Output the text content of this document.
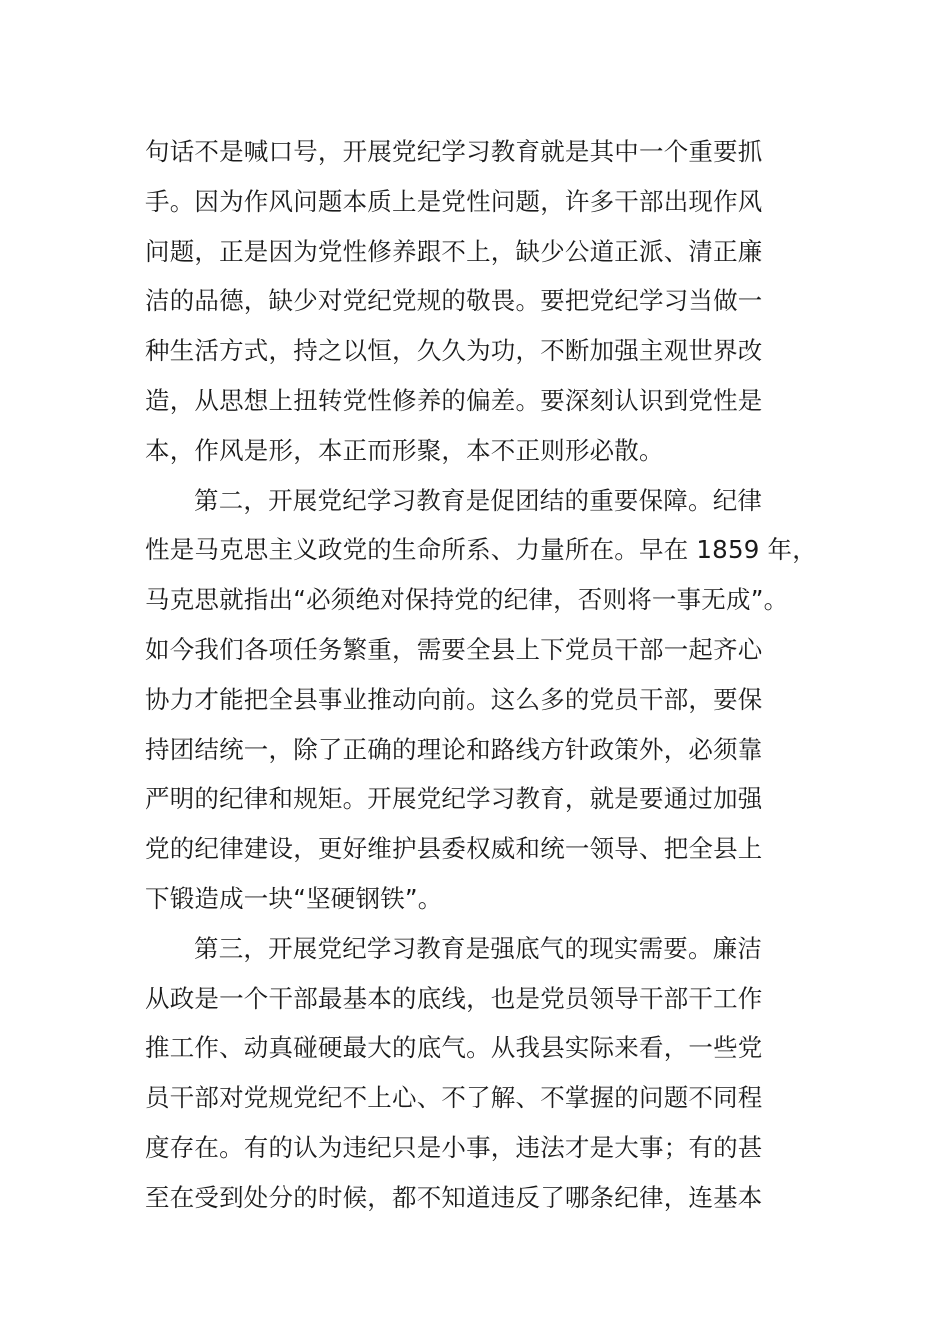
句话不是喊口号，开展党纪学习教育就是其中一个重要抓
手。因为作风问题本质上是党性问题，许多干部出现作风
问题，正是因为党性修养跟不上，缺少公道正派、清正廉
洁的品德，缺少对党纪党规的敬畏。要把党纪学习当做一
种生活方式，持之以恒，久久为功，不断加强主观世界改
造，从思想上扭转党性修养的偏差。要深刻认识到党性是
本，作风是形，本正而形聚，本不正则形必散。
第二，开展党纪学习教育是促团结的重要保障。纪律
性是马克思主义政党的生命所系、力量所在。早在 1859 年，
马克思就指出“必须绝对保持党的纪律，否则将一事无成”。
如今我们各项任务繁重，需要全县上下党员干部一起齐心
协力才能把全县事业推动向前。这么多的党员干部，要保
持团结统一，除了正确的理论和路线方针政策外，必须靠
严明的纪律和规矩。开展党纪学习教育，就是要通过加强
党的纪律建设，更好维护县委权威和统一领导、把全县上
下锻造成一块“坚硬钢铁”。
第三，开展党纪学习教育是强底气的现实需要。廉洁
从政是一个干部最基本的底线，也是党员领导干部干工作
推工作、动真碰硬最大的底气。从我县实际来看，一些党
员干部对党规党纪不上心、不了解、不掌握的问题不同程
度存在。有的认为违纪只是小事，违法才是大事；有的甚
至在受到处分的时候，都不知道违反了哪条纪律，连基本
